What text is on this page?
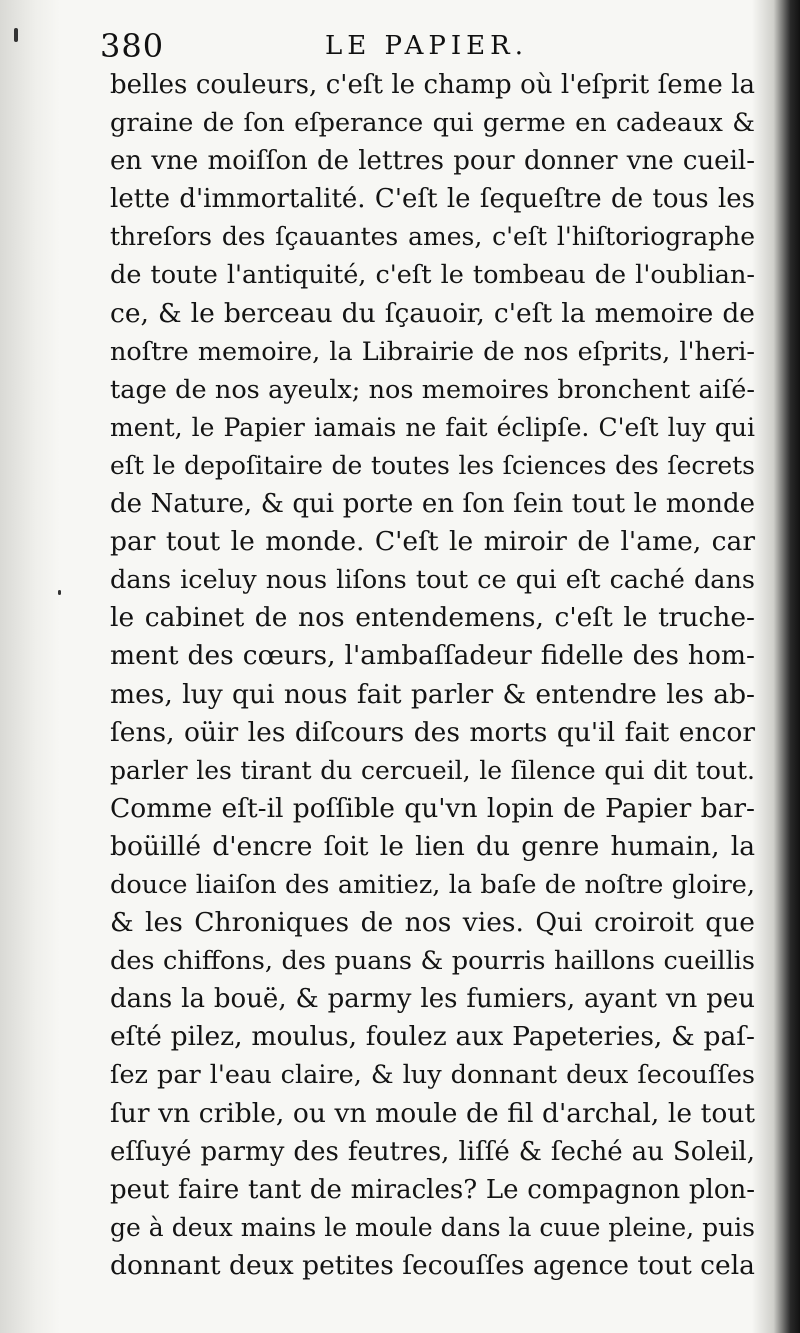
380	LE PAPIER.
belles couleurs, c'eſt le champ où l'eſprit ſeme la
graine de ſon eſperance qui germe en cadeaux &
en vne moiſſon de lettres pour donner vne cueil-
lette d'immortalité. C'eſt le ſequeſtre de tous les
threſors des ſçauantes ames, c'eſt l'hiſtoriographe
de toute l'antiquité, c'eſt le tombeau de l'oublian-
ce, & le berceau du ſçauoir, c'eſt la memoire de
noſtre memoire, la Librairie de nos eſprits, l'heri-
tage de nos ayeulx; nos memoires bronchent aiſé-
ment, le Papier iamais ne fait éclipſe. C'eſt luy qui
eſt le depoſitaire de toutes les ſciences des ſecrets
de Nature, & qui porte en ſon ſein tout le monde
par tout le monde. C'eſt le miroir de l'ame, car
dans iceluy nous liſons tout ce qui eſt caché dans
le cabinet de nos entendemens, c'eſt le truche-
ment des cœurs, l'ambaſſadeur fidelle des hom-
mes, luy qui nous fait parler & entendre les ab-
ſens, oüir les diſcours des morts qu'il fait encor
parler les tirant du cercueil, le ſilence qui dit tout.
Comme eſt-il poſſible qu'vn lopin de Papier bar-
boüillé d'encre ſoit le lien du genre humain, la
douce liaiſon des amitiez, la baſe de noſtre gloire,
& les Chroniques de nos vies. Qui croiroit que
des chiffons, des puans & pourris haillons cueillis
dans la bouë, & parmy les fumiers, ayant vn peu
eſté pilez, moulus, foulez aux Papeteries, & paſ-
ſez par l'eau claire, & luy donnant deux ſecouſſes
ſur vn crible, ou vn moule de fil d'archal, le tout
eſſuyé parmy des feutres, liſſé & ſeché au Soleil,
peut faire tant de miracles? Le compagnon plon-
ge à deux mains le moule dans la cuue pleine, puis
donnant deux petites ſecouſſes agence tout cela
